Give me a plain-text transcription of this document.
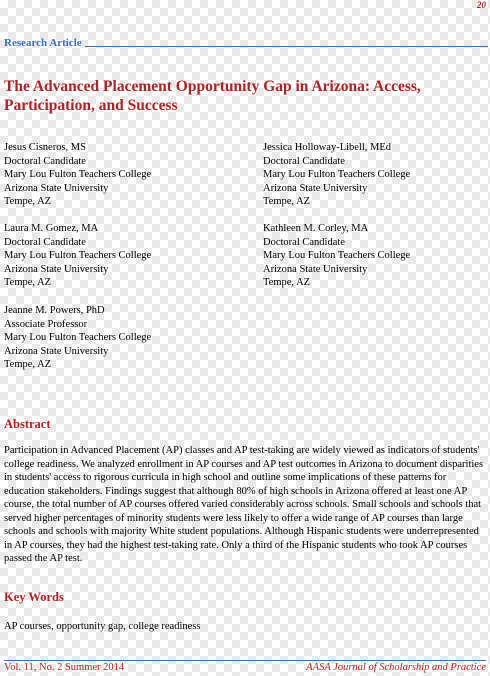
20
Research Article
The Advanced Placement Opportunity Gap in Arizona: Access, Participation, and Success
Jesus Cisneros, MS
Doctoral Candidate
Mary Lou Fulton Teachers College
Arizona State University
Tempe, AZ
Jessica Holloway-Libell, MEd
Doctoral Candidate
Mary Lou Fulton Teachers College
Arizona State University
Tempe, AZ
Laura M. Gomez, MA
Doctoral Candidate
Mary Lou Fulton Teachers College
Arizona State University
Tempe, AZ
Kathleen M. Corley, MA
Doctoral Candidate
Mary Lou Fulton Teachers College
Arizona State University
Tempe, AZ
Jeanne M. Powers, PhD
Associate Professor
Mary Lou Fulton Teachers College
Arizona State University
Tempe, AZ
Abstract

Participation in Advanced Placement (AP) classes and AP test-taking are widely viewed as indicators of students' college readiness. We analyzed enrollment in AP courses and AP test outcomes in Arizona to document disparities in students' access to rigorous curricula in high school and outline some implications of these patterns for education stakeholders. Findings suggest that although 80% of high schools in Arizona offered at least one AP course, the total number of AP courses offered varied considerably across schools. Small schools and schools that served higher percentages of minority students were less likely to offer a wide range of AP courses than large schools and schools with majority White student populations. Although Hispanic students were underrepresented in AP courses, they had the highest test-taking rate. Only a third of the Hispanic students who took AP courses passed the AP test.

Key Words

AP courses, opportunity gap, college readiness

Vol. 11, No. 2 Summer 2014	AASA Journal of Scholarship and Practice
